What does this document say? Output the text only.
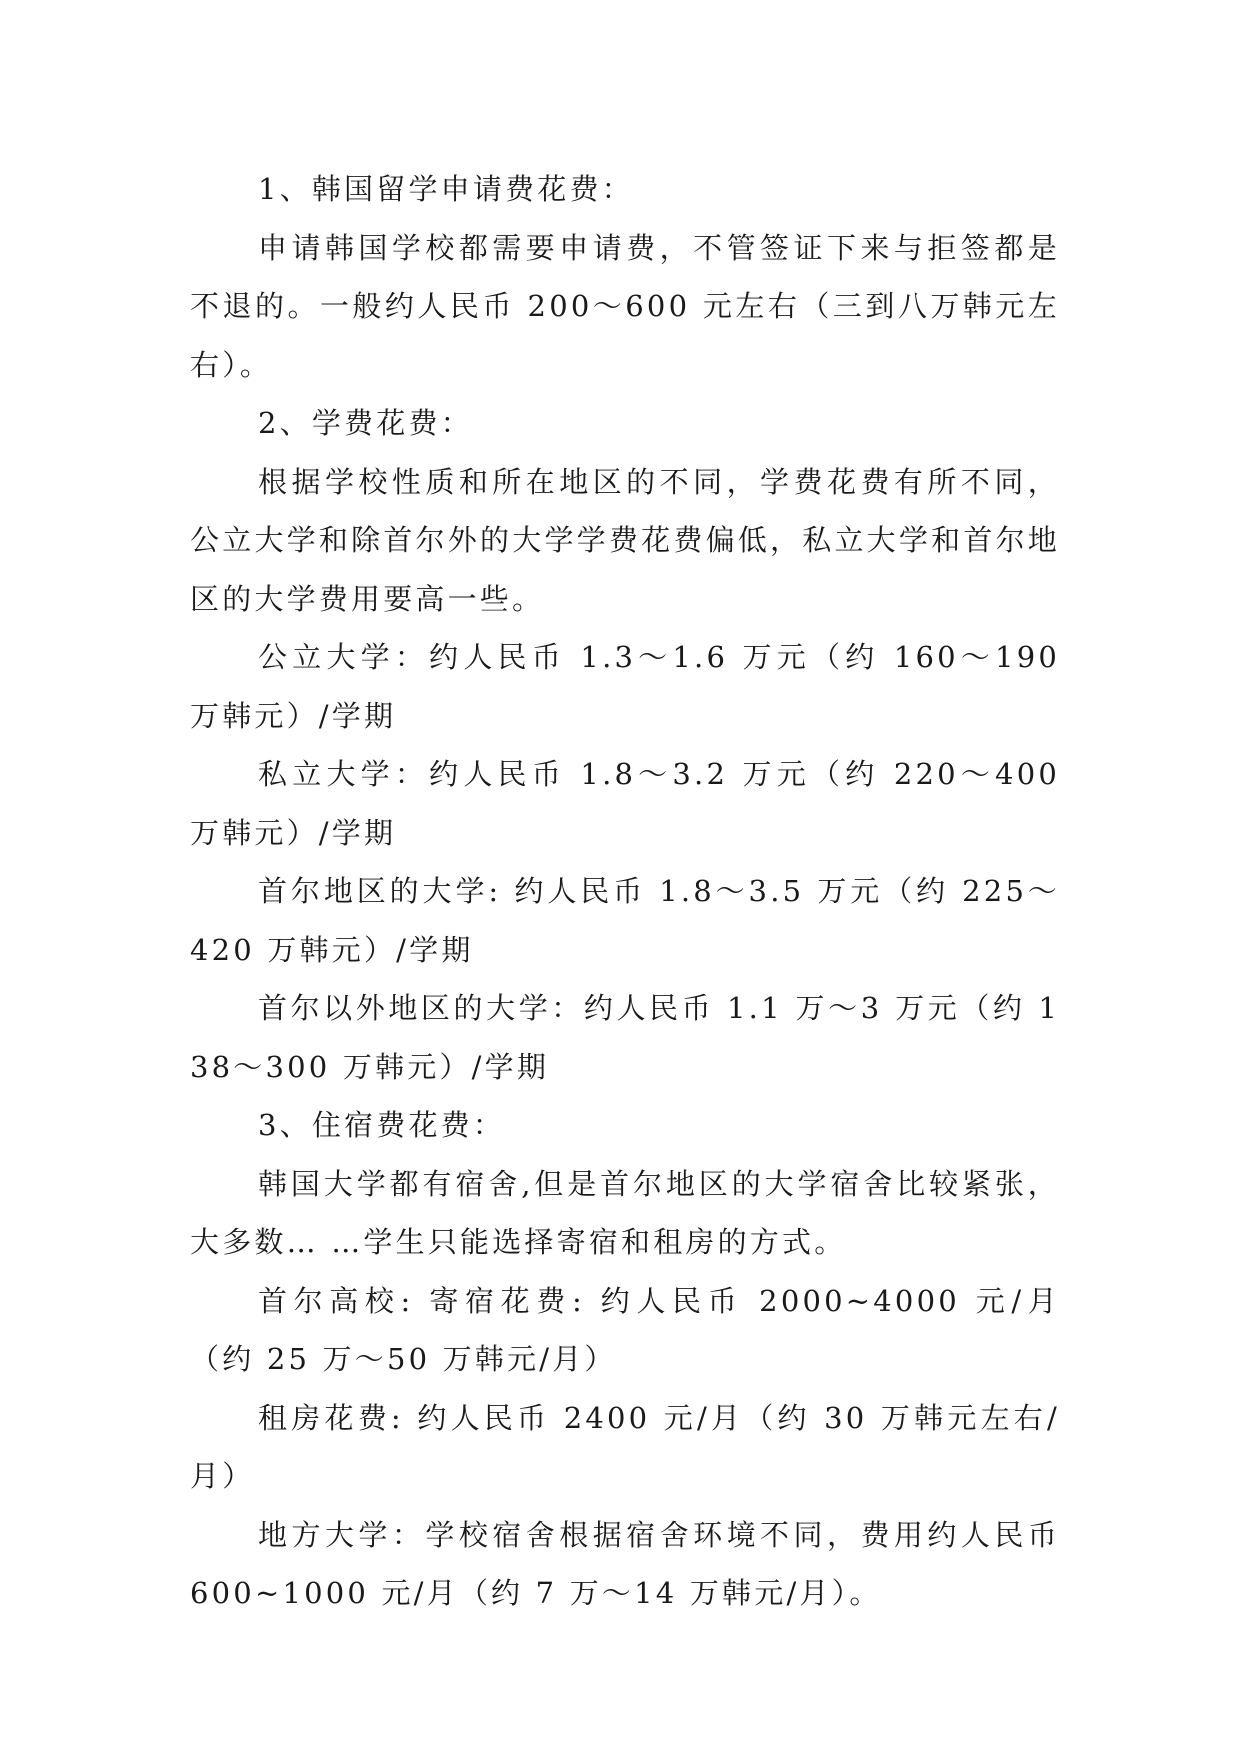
1、韩国留学申请费花费：

申请韩国学校都需要申请费，不管签证下来与拒签都是不退的。一般约人民币 200～600 元左右（三到八万韩元左右）。

2、学费花费：

根据学校性质和所在地区的不同，学费花费有所不同，公立大学和除首尔外的大学学费花费偏低，私立大学和首尔地区的大学费用要高一些。

公立大学：约人民币 1.3～1.6 万元（约 160～190 万韩元）/学期

私立大学：约人民币 1.8～3.2 万元（约 220～400 万韩元）/学期

首尔地区的大学: 约人民币 1.8～3.5 万元（约 225～420 万韩元）/学期

首尔以外地区的大学：约人民币 1.1 万～3 万元（约 138～300 万韩元）/学期

3、住宿费花费：

韩国大学都有宿舍,但是首尔地区的大学宿舍比较紧张，大多数… …学生只能选择寄宿和租房的方式。

首尔高校: 寄宿花费: 约人民币 2000~4000 元/月（约 25 万～50 万韩元/月）

租房花费: 约人民币 2400 元/月（约 30 万韩元左右/月）

地方大学：学校宿舍根据宿舍环境不同，费用约人民币 600~1000 元/月（约 7 万～14 万韩元/月）。
